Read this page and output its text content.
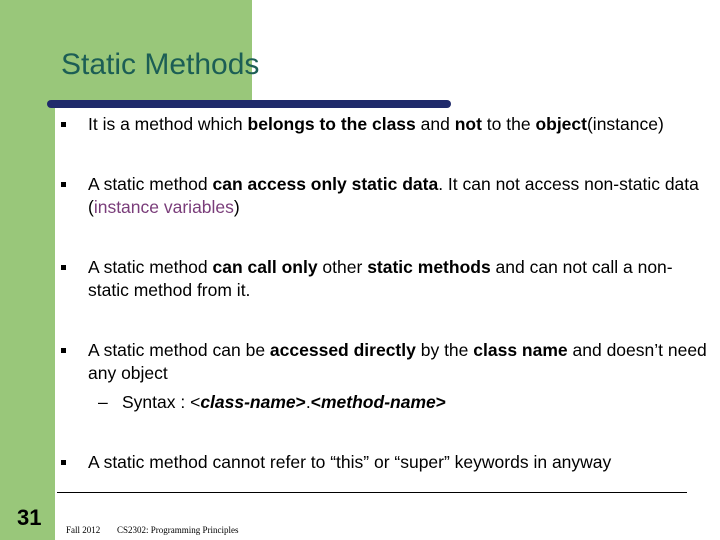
Static Methods
It is a method which belongs to the class and not to the object(instance)
A static method can access only static data. It can not access non-static data (instance variables)
A static method can call only other static methods and can not call a non-static method from it.
A static method can be accessed directly by the class name and doesn’t need any object
– Syntax : <class-name>.<method-name>
A static method cannot refer to “this” or “super” keywords in anyway
31	Fall 2012 CS2302: Programming Principles
